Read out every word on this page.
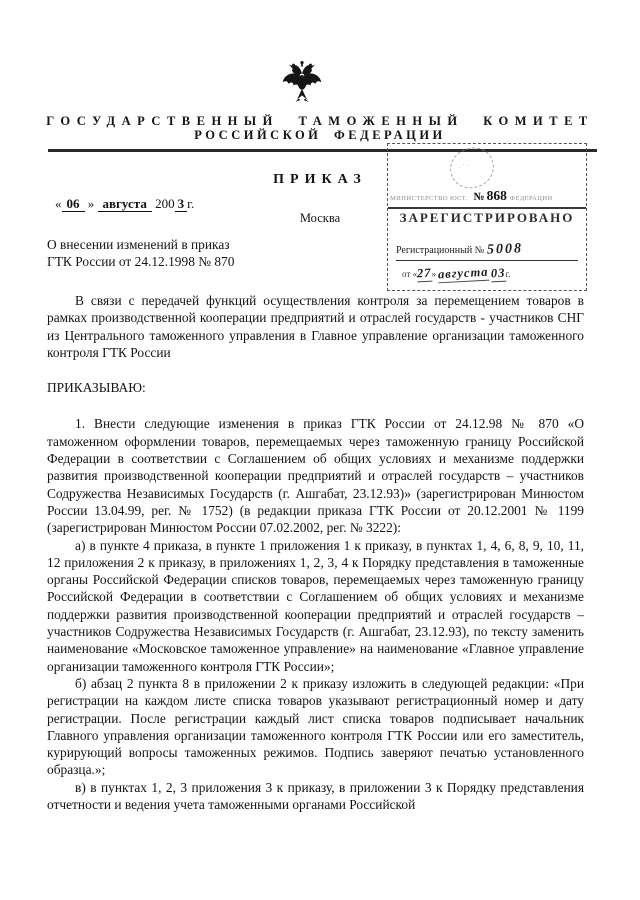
ГОСУДАРСТВЕННЫЙ ТАМОЖЕННЫЙ КОМИТЕТ
РОССИЙСКОЙ ФЕДЕРАЦИИ
ПРИКАЗ
« 06 » августа 200 3 г.
Москва
О внесении изменений в приказ
ГТК России от 24.12.1998 № 870
·˙·
МИНИСТЕРСТВО ЮСТ. № 868 ФЕДЕРАЦИИ
ЗАРЕГИСТРИРОВАНО
Регистрационный № 5008
от «27» августа 03г.

В связи с передачей функций осуществления контроля за перемещением товаров в рамках производственной кооперации предприятий и отраслей государств - участников СНГ из Центрального таможенного управления в Главное управление организации таможенного контроля ГТК России

ПРИКАЗЫВАЮ:

1. Внести следующие изменения в приказ ГТК России от 24.12.98 № 870 «О таможенном оформлении товаров, перемещаемых через таможенную границу Российской Федерации в соответствии с Соглашением об общих условиях и механизме поддержки развития производственной кооперации предприятий и отраслей государств – участников Содружества Независимых Государств (г. Ашгабат, 23.12.93)» (зарегистрирован Минюстом России 13.04.99, рег. № 1752) (в редакции приказа ГТК России от 20.12.2001 № 1199 (зарегистрирован Минюстом России 07.02.2002, рег. № 3222):

а) в пункте 4 приказа, в пункте 1 приложения 1 к приказу, в пунктах 1, 4, 6, 8, 9, 10, 11, 12 приложения 2 к приказу, в приложениях 1, 2, 3, 4 к Порядку представления в таможенные органы Российской Федерации списков товаров, перемещаемых через таможенную границу Российской Федерации в соответствии с Соглашением об общих условиях и механизме поддержки развития производственной кооперации предприятий и отраслей государств – участников Содружества Независимых Государств (г. Ашгабат, 23.12.93), по тексту заменить наименование «Московское таможенное управление» на наименование «Главное управление организации таможенного контроля ГТК России»;

б) абзац 2 пункта 8 в приложении 2 к приказу изложить в следующей редакции: «При регистрации на каждом листе списка товаров указывают регистрационный номер и дату регистрации. После регистрации каждый лист списка товаров подписывает начальник Главного управления организации таможенного контроля ГТК России или его заместитель, курирующий вопросы таможенных режимов. Подпись заверяют печатью установленного образца.»;

в) в пунктах 1, 2, 3 приложения 3 к приказу, в приложении 3 к Порядку представления отчетности и ведения учета таможенными органами Российской
